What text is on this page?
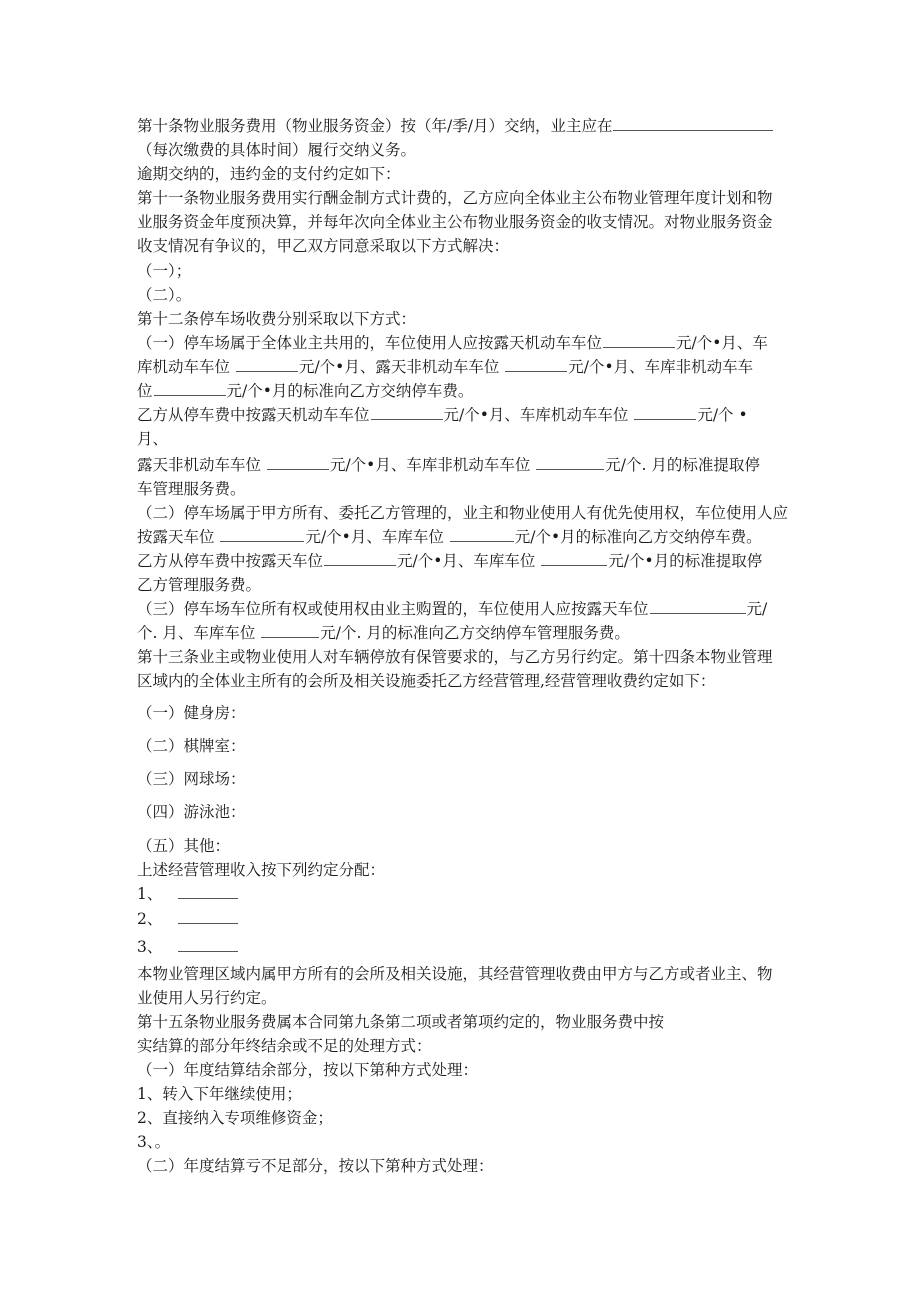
第十条物业服务费用（物业服务资金）按（年/季/月）交纳，业主应在
（每次缴费的具体时间）履行交纳义务。
逾期交纳的，违约金的支付约定如下：
第十一条物业服务费用实行酬金制方式计费的，乙方应向全体业主公布物业管理年度计划和物
业服务资金年度预决算，并每年次向全体业主公布物业服务资金的收支情况。对物业服务资金
收支情况有争议的，甲乙双方同意采取以下方式解决：
（一）；
（二）。
第十二条停车场收费分别采取以下方式：
（一）停车场属于全体业主共用的，车位使用人应按露天机动车车位	元/个•月、车
库机动车车位	元/个•月、露天非机动车车位	元/个•月、车库非机动车车
位	元/个•月的标准向乙方交纳停车费。
乙方从停车费中按露天机动车车位	元/个•月、车库机动车车位	元/个 •
月、
露天非机动车车位	元/个•月、车库非机动车车位	元/个. 月的标准提取停
车管理服务费。
（二）停车场属于甲方所有、委托乙方管理的，业主和物业使用人有优先使用权，车位使用人应
按露天车位	元/个•月、车库车位	元/个•月的标准向乙方交纳停车费。
乙方从停车费中按露天车位	元/个•月、车库车位	元/个•月的标准提取停
乙方管理服务费。
（三）停车场车位所有权或使用权由业主购置的，车位使用人应按露天车位	元/
个. 月、车库车位	元/个. 月的标准向乙方交纳停车管理服务费。
第十三条业主或物业使用人对车辆停放有保管要求的，与乙方另行约定。第十四条本物业管理
区域内的全体业主所有的会所及相关设施委托乙方经营管理,经营管理收费约定如下：
（一）健身房：
（二）棋牌室：
（三）网球场：
（四）游泳池：
（五）其他：
上述经营管理收入按下列约定分配：
1、
2、
3、
本物业管理区域内属甲方所有的会所及相关设施，其经营管理收费由甲方与乙方或者业主、物
业使用人另行约定。
第十五条物业服务费属本合同第九条第二项或者第项约定的，物业服务费中按
实结算的部分年终结余或不足的处理方式：
（一）年度结算结余部分，按以下第种方式处理：
1、转入下年继续使用；
2、直接纳入专项维修资金；
3、。
（二）年度结算亏不足部分，按以下第种方式处理：
